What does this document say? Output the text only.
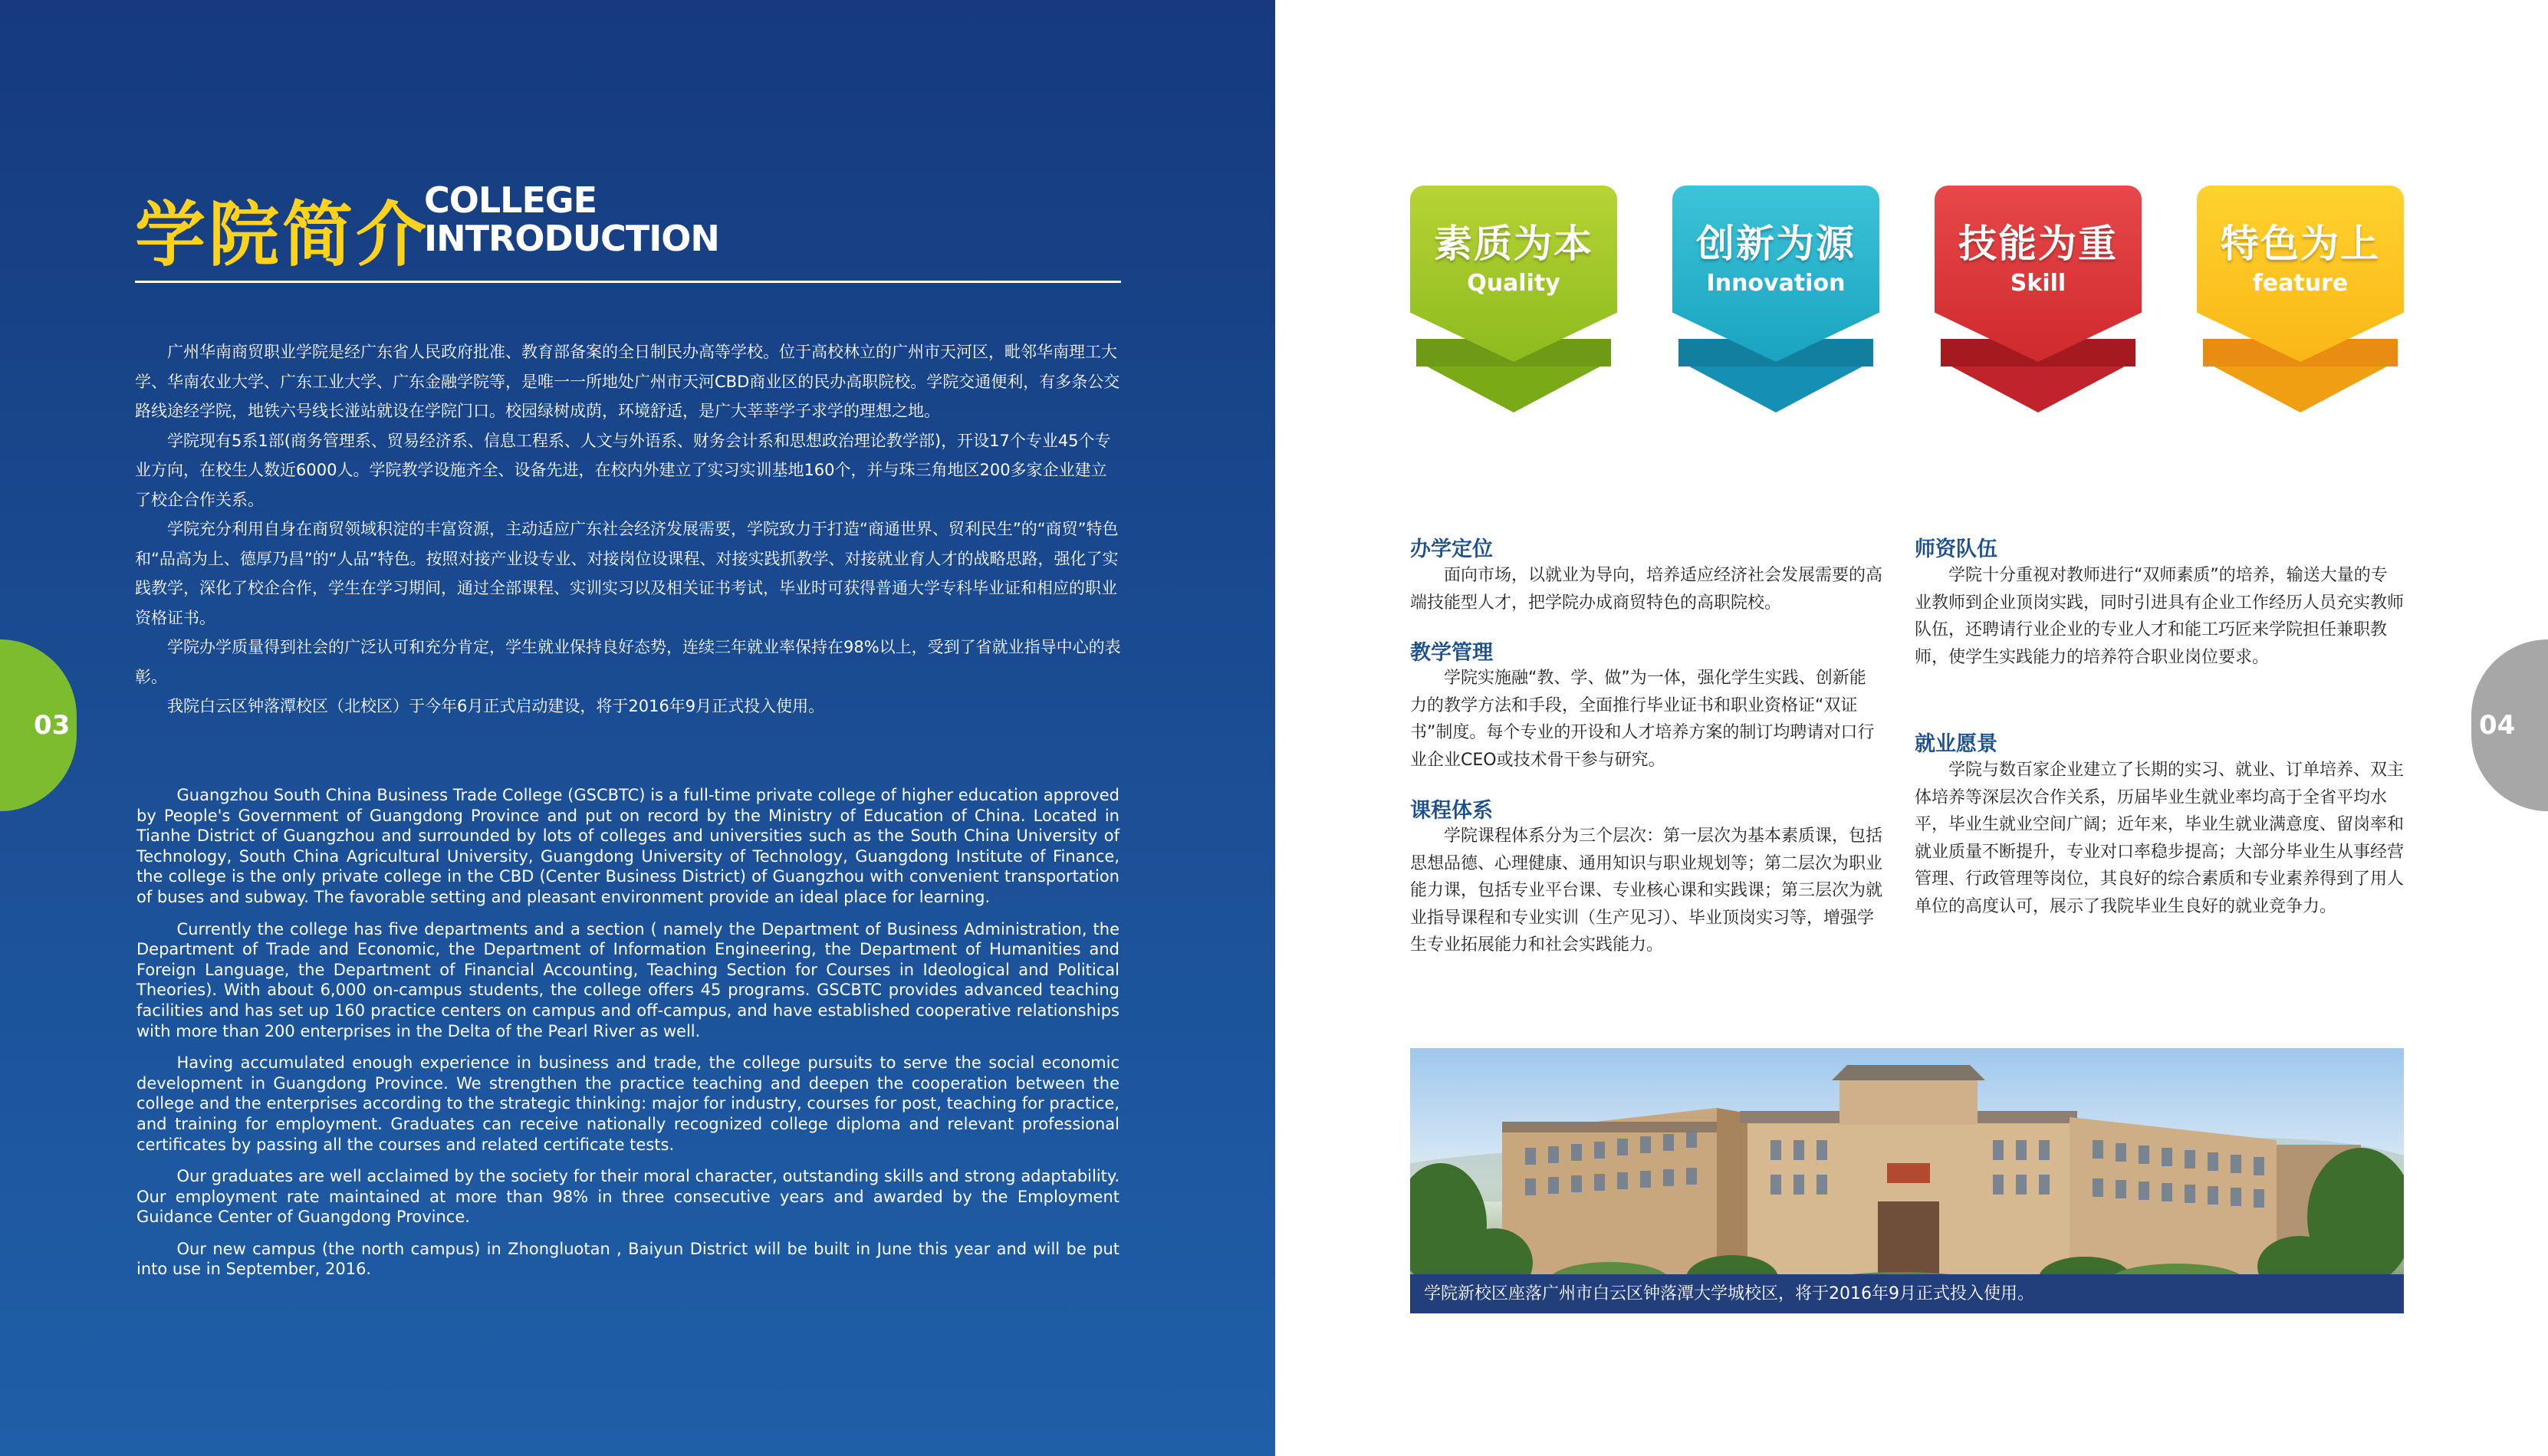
03
学院简介
COLLEGE
INTRODUCTION

广州华南商贸职业学院是经广东省人民政府批准、教育部备案的全日制民办高等学校。位于高校林立的广州市天河区，毗邻华南理工大学、华南农业大学、广东工业大学、广东金融学院等，是唯一一所地处广州市天河CBD商业区的民办高职院校。学院交通便利，有多条公交路线途经学院，地铁六号线长湴站就设在学院门口。校园绿树成荫，环境舒适，是广大莘莘学子求学的理想之地。

学院现有5系1部(商务管理系、贸易经济系、信息工程系、人文与外语系、财务会计系和思想政治理论教学部)，开设17个专业45个专业方向，在校生人数近6000人。学院教学设施齐全、设备先进，在校内外建立了实习实训基地160个，并与珠三角地区200多家企业建立了校企合作关系。

学院充分利用自身在商贸领域积淀的丰富资源，主动适应广东社会经济发展需要，学院致力于打造“商通世界、贸利民生”的“商贸”特色和“品高为上、德厚乃昌”的“人品”特色。按照对接产业设专业、对接岗位设课程、对接实践抓教学、对接就业育人才的战略思路，强化了实践教学，深化了校企合作，学生在学习期间，通过全部课程、实训实习以及相关证书考试，毕业时可获得普通大学专科毕业证和相应的职业资格证书。

学院办学质量得到社会的广泛认可和充分肯定，学生就业保持良好态势，连续三年就业率保持在98%以上，受到了省就业指导中心的表彰。

我院白云区钟落潭校区（北校区）于今年6月正式启动建设，将于2016年9月正式投入使用。

Guangzhou South China Business Trade College (GSCBTC) is a full-time private college of higher education approved by People's Government of Guangdong Province and put on record by the Ministry of Education of China. Located in Tianhe District of Guangzhou and surrounded by lots of colleges and universities such as the South China University of Technology, South China Agricultural University, Guangdong University of Technology, Guangdong Institute of Finance, the college is the only private college in the CBD (Center Business District) of Guangzhou with convenient transportation of buses and subway. The favorable setting and pleasant environment provide an ideal place for learning.

Currently the college has five departments and a section ( namely the Department of Business Administration, the Department of Trade and Economic, the Department of Information Engineering, the Department of Humanities and Foreign Language, the Department of Financial Accounting, Teaching Section for Courses in Ideological and Political Theories). With about 6,000 on-campus students, the college offers 45 programs. GSCBTC provides advanced teaching facilities and has set up 160 practice centers on campus and off-campus, and have established cooperative relationships with more than 200 enterprises in the Delta of the Pearl River as well.

Having accumulated enough experience in business and trade, the college pursuits to serve the social economic development in Guangdong Province. We strengthen the practice teaching and deepen the cooperation between the college and the enterprises according to the strategic thinking: major for industry, courses for post, teaching for practice, and training for employment. Graduates can receive nationally recognized college diploma and relevant professional certificates by passing all the courses and related certificate tests.

Our graduates are well acclaimed by the society for their moral character, outstanding skills and strong adaptability. Our employment rate maintained at more than 98% in three consecutive years and awarded by the Employment Guidance Center of Guangdong Province.

Our new campus (the north campus) in Zhongluotan , Baiyun District will be built in June this year and will be put into use in September, 2016.

04
素质为本
Quality
创新为源
Innovation
技能为重
Skill
特色为上
feature
办学定位

面向市场，以就业为导向，培养适应经济社会发展需要的高端技能型人才，把学院办成商贸特色的高职院校。

教学管理

学院实施融“教、学、做”为一体，强化学生实践、创新能力的教学方法和手段，全面推行毕业证书和职业资格证“双证书”制度。每个专业的开设和人才培养方案的制订均聘请对口行业企业CEO或技术骨干参与研究。

课程体系

学院课程体系分为三个层次：第一层次为基本素质课，包括思想品德、心理健康、通用知识与职业规划等；第二层次为职业能力课，包括专业平台课、专业核心课和实践课；第三层次为就业指导课程和专业实训（生产见习）、毕业顶岗实习等，增强学生专业拓展能力和社会实践能力。

师资队伍

学院十分重视对教师进行“双师素质”的培养，输送大量的专业教师到企业顶岗实践，同时引进具有企业工作经历人员充实教师队伍，还聘请行业企业的专业人才和能工巧匠来学院担任兼职教师，使学生实践能力的培养符合职业岗位要求。

就业愿景

学院与数百家企业建立了长期的实习、就业、订单培养、双主体培养等深层次合作关系，历届毕业生就业率均高于全省平均水平，毕业生就业空间广阔；近年来，毕业生就业满意度、留岗率和就业质量不断提升，专业对口率稳步提高；大部分毕业生从事经营管理、行政管理等岗位，其良好的综合素质和专业素养得到了用人单位的高度认可，展示了我院毕业生良好的就业竞争力。

学院新校区座落广州市白云区钟落潭大学城校区，将于2016年9月正式投入使用。
